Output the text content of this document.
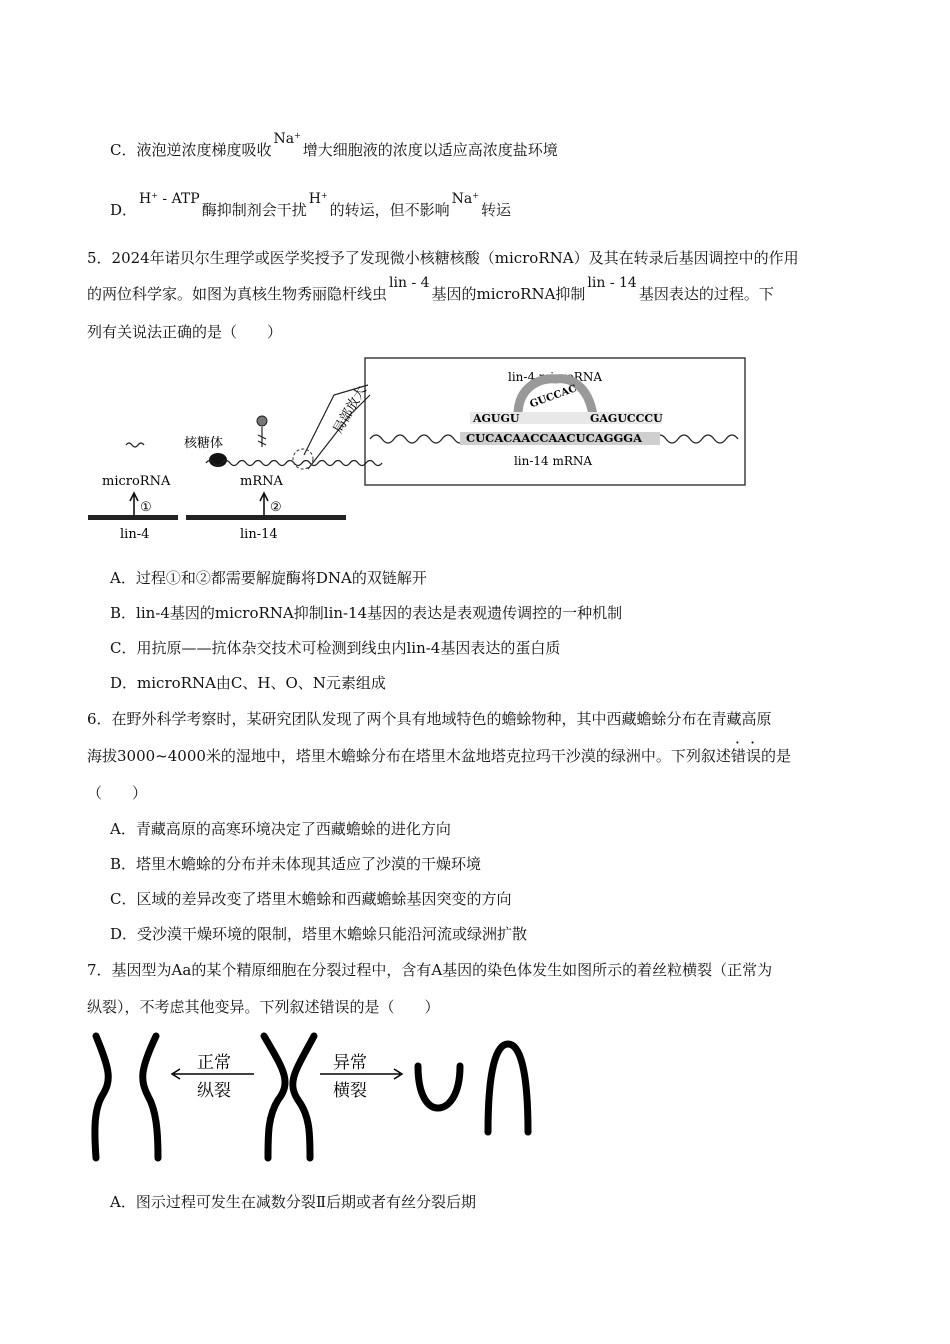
C．液泡逆浓度梯度吸收Na+增大细胞液的浓度以适应高浓度盐环境
D．H+ - ATP酶抑制剂会干扰H+的转运，但不影响Na+转运
5．2024年诺贝尔生理学或医学奖授予了发现微小核糖核酸（microRNA）及其在转录后基因调控中的作用
的两位科学家。如图为真核生物秀丽隐杆线虫lin - 4基因的microRNA抑制lin - 14基因表达的过程。下
列有关说法正确的是（　　）
lin-4 microRNA
lin-14 mRNA
AGUGU
GUCCAC
GAGUCCCU
CUCACAACCAACUCAGGGA
局部放大
核糖体
microRNA	mRNA
①	②
lin-4	lin-14
A．过程①和②都需要解旋酶将DNA的双链解开
B．lin-4基因的microRNA抑制lin-14基因的表达是表观遗传调控的一种机制
C．用抗原——抗体杂交技术可检测到线虫内lin-4基因表达的蛋白质
D．microRNA由C、H、O、N元素组成
6．在野外科学考察时，某研究团队发现了两个具有地域特色的蟾蜍物种，其中西藏蟾蜍分布在青藏高原
海拔3000~4000米的湿地中，塔里木蟾蜍分布在塔里木盆地塔克拉玛干沙漠的绿洲中。下列叙述错误的是
（　　）
A．青藏高原的高寒环境决定了西藏蟾蜍的进化方向
B．塔里木蟾蜍的分布并未体现其适应了沙漠的干燥环境
C．区域的差异改变了塔里木蟾蜍和西藏蟾蜍基因突变的方向
D．受沙漠干燥环境的限制，塔里木蟾蜍只能沿河流或绿洲扩散
7．基因型为Aa的某个精原细胞在分裂过程中，含有A基因的染色体发生如图所示的着丝粒横裂（正常为
纵裂），不考虑其他变异。下列叙述错误的是（　　）
正常
纵裂
异常
横裂
A．图示过程可发生在减数分裂Ⅱ后期或者有丝分裂后期
